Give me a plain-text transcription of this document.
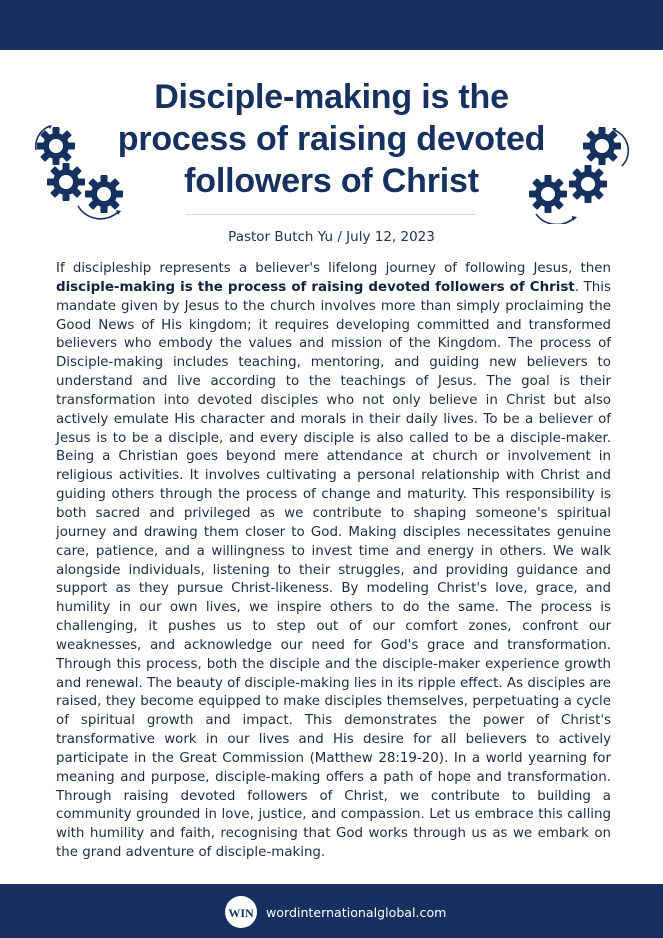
Disciple-making is the process of raising devoted followers of Christ
Pastor Butch Yu / July 12, 2023

If discipleship represents a believer's lifelong journey of following Jesus, then disciple-making is the process of raising devoted followers of Christ. This mandate given by Jesus to the church involves more than simply proclaiming the Good News of His kingdom; it requires developing committed and transformed believers who embody the values and mission of the Kingdom. The process of Disciple-making includes teaching, mentoring, and guiding new believers to understand and live according to the teachings of Jesus. The goal is their transformation into devoted disciples who not only believe in Christ but also actively emulate His character and morals in their daily lives. To be a believer of Jesus is to be a disciple, and every disciple is also called to be a disciple-maker. Being a Christian goes beyond mere attendance at church or involvement in religious activities. It involves cultivating a personal relationship with Christ and guiding others through the process of change and maturity. This responsibility is both sacred and privileged as we contribute to shaping someone's spiritual journey and drawing them closer to God. Making disciples necessitates genuine care, patience, and a willingness to invest time and energy in others. We walk alongside individuals, listening to their struggles, and providing guidance and support as they pursue Christ-likeness. By modeling Christ's love, grace, and humility in our own lives, we inspire others to do the same. The process is challenging, it pushes us to step out of our comfort zones, confront our weaknesses, and acknowledge our need for God's grace and transformation. Through this process, both the disciple and the disciple-maker experience growth and renewal. The beauty of disciple-making lies in its ripple effect. As disciples are raised, they become equipped to make disciples themselves, perpetuating a cycle of spiritual growth and impact. This demonstrates the power of Christ's transformative work in our lives and His desire for all believers to actively participate in the Great Commission (Matthew 28:19-20). In a world yearning for meaning and purpose, disciple-making offers a path of hope and transformation. Through raising devoted followers of Christ, we contribute to building a community grounded in love, justice, and compassion. Let us embrace this calling with humility and faith, recognising that God works through us as we embark on the grand adventure of disciple-making.

WIN wordinternationalglobal.com
